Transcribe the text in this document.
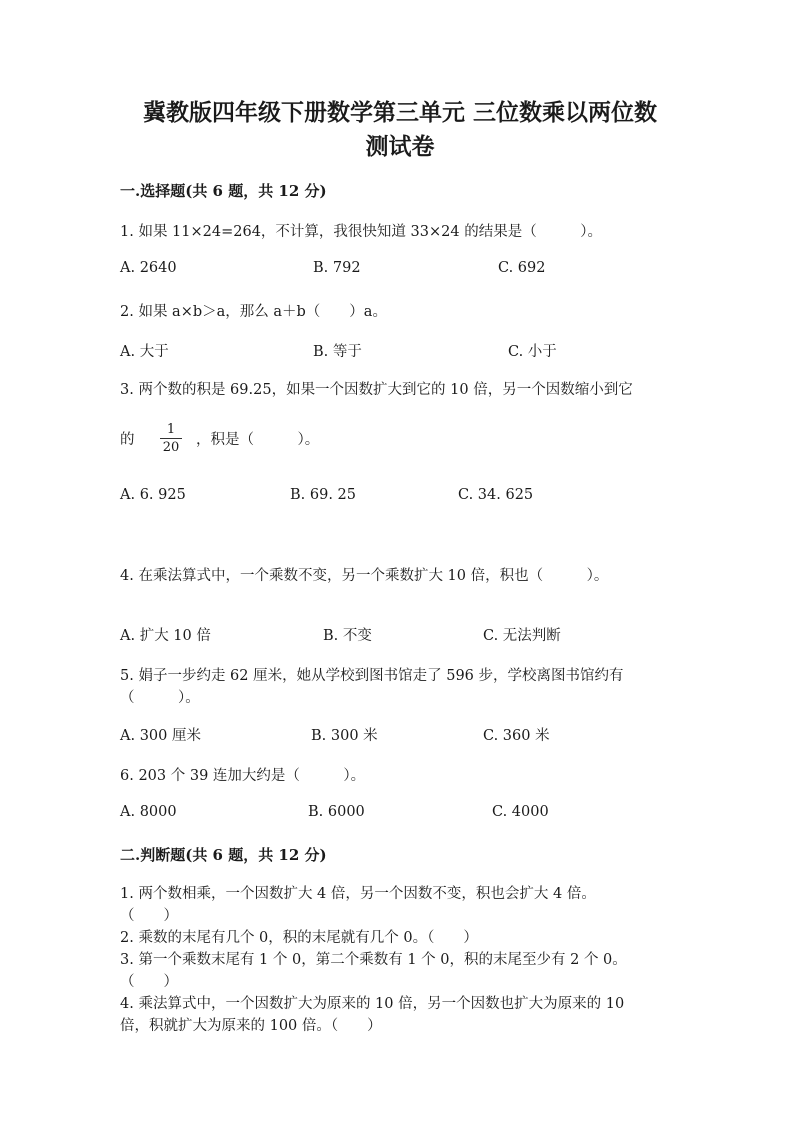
冀教版四年级下册数学第三单元 三位数乘以两位数
测试卷
一.选择题(共 6 题，共 12 分)
1. 如果 11×24=264，不计算，我很快知道 33×24 的结果是（　　　）。
A. 2640	B. 792	C. 692
2. 如果 a×b＞a，那么 a＋b（　　）a。
A. 大于	B. 等于	C. 小于
3. 两个数的积是 69.25，如果一个因数扩大到它的 10 倍，另一个因数缩小到它
的 $\frac{1}{20}$ ，积是（　　　）。
A. 6. 925	B. 69. 25	C. 34. 625
4. 在乘法算式中，一个乘数不变，另一个乘数扩大 10 倍，积也（　　　）。
A. 扩大 10 倍	B. 不变	C. 无法判断
5. 娟子一步约走 62 厘米，她从学校到图书馆走了 596 步，学校离图书馆约有
（　　　）。
A. 300 厘米	B. 300 米	C. 360 米
6. 203 个 39 连加大约是（　　　）。
A. 8000	B. 6000	C. 4000
二.判断题(共 6 题，共 12 分)
1. 两个数相乘，一个因数扩大 4 倍，另一个因数不变，积也会扩大 4 倍。
（　　）
2. 乘数的末尾有几个 0，积的末尾就有几个 0。（　　）
3. 第一个乘数末尾有 1 个 0，第二个乘数有 1 个 0，积的末尾至少有 2 个 0。
（　　）
4. 乘法算式中，一个因数扩大为原来的 10 倍，另一个因数也扩大为原来的 10
倍，积就扩大为原来的 100 倍。（　　）
